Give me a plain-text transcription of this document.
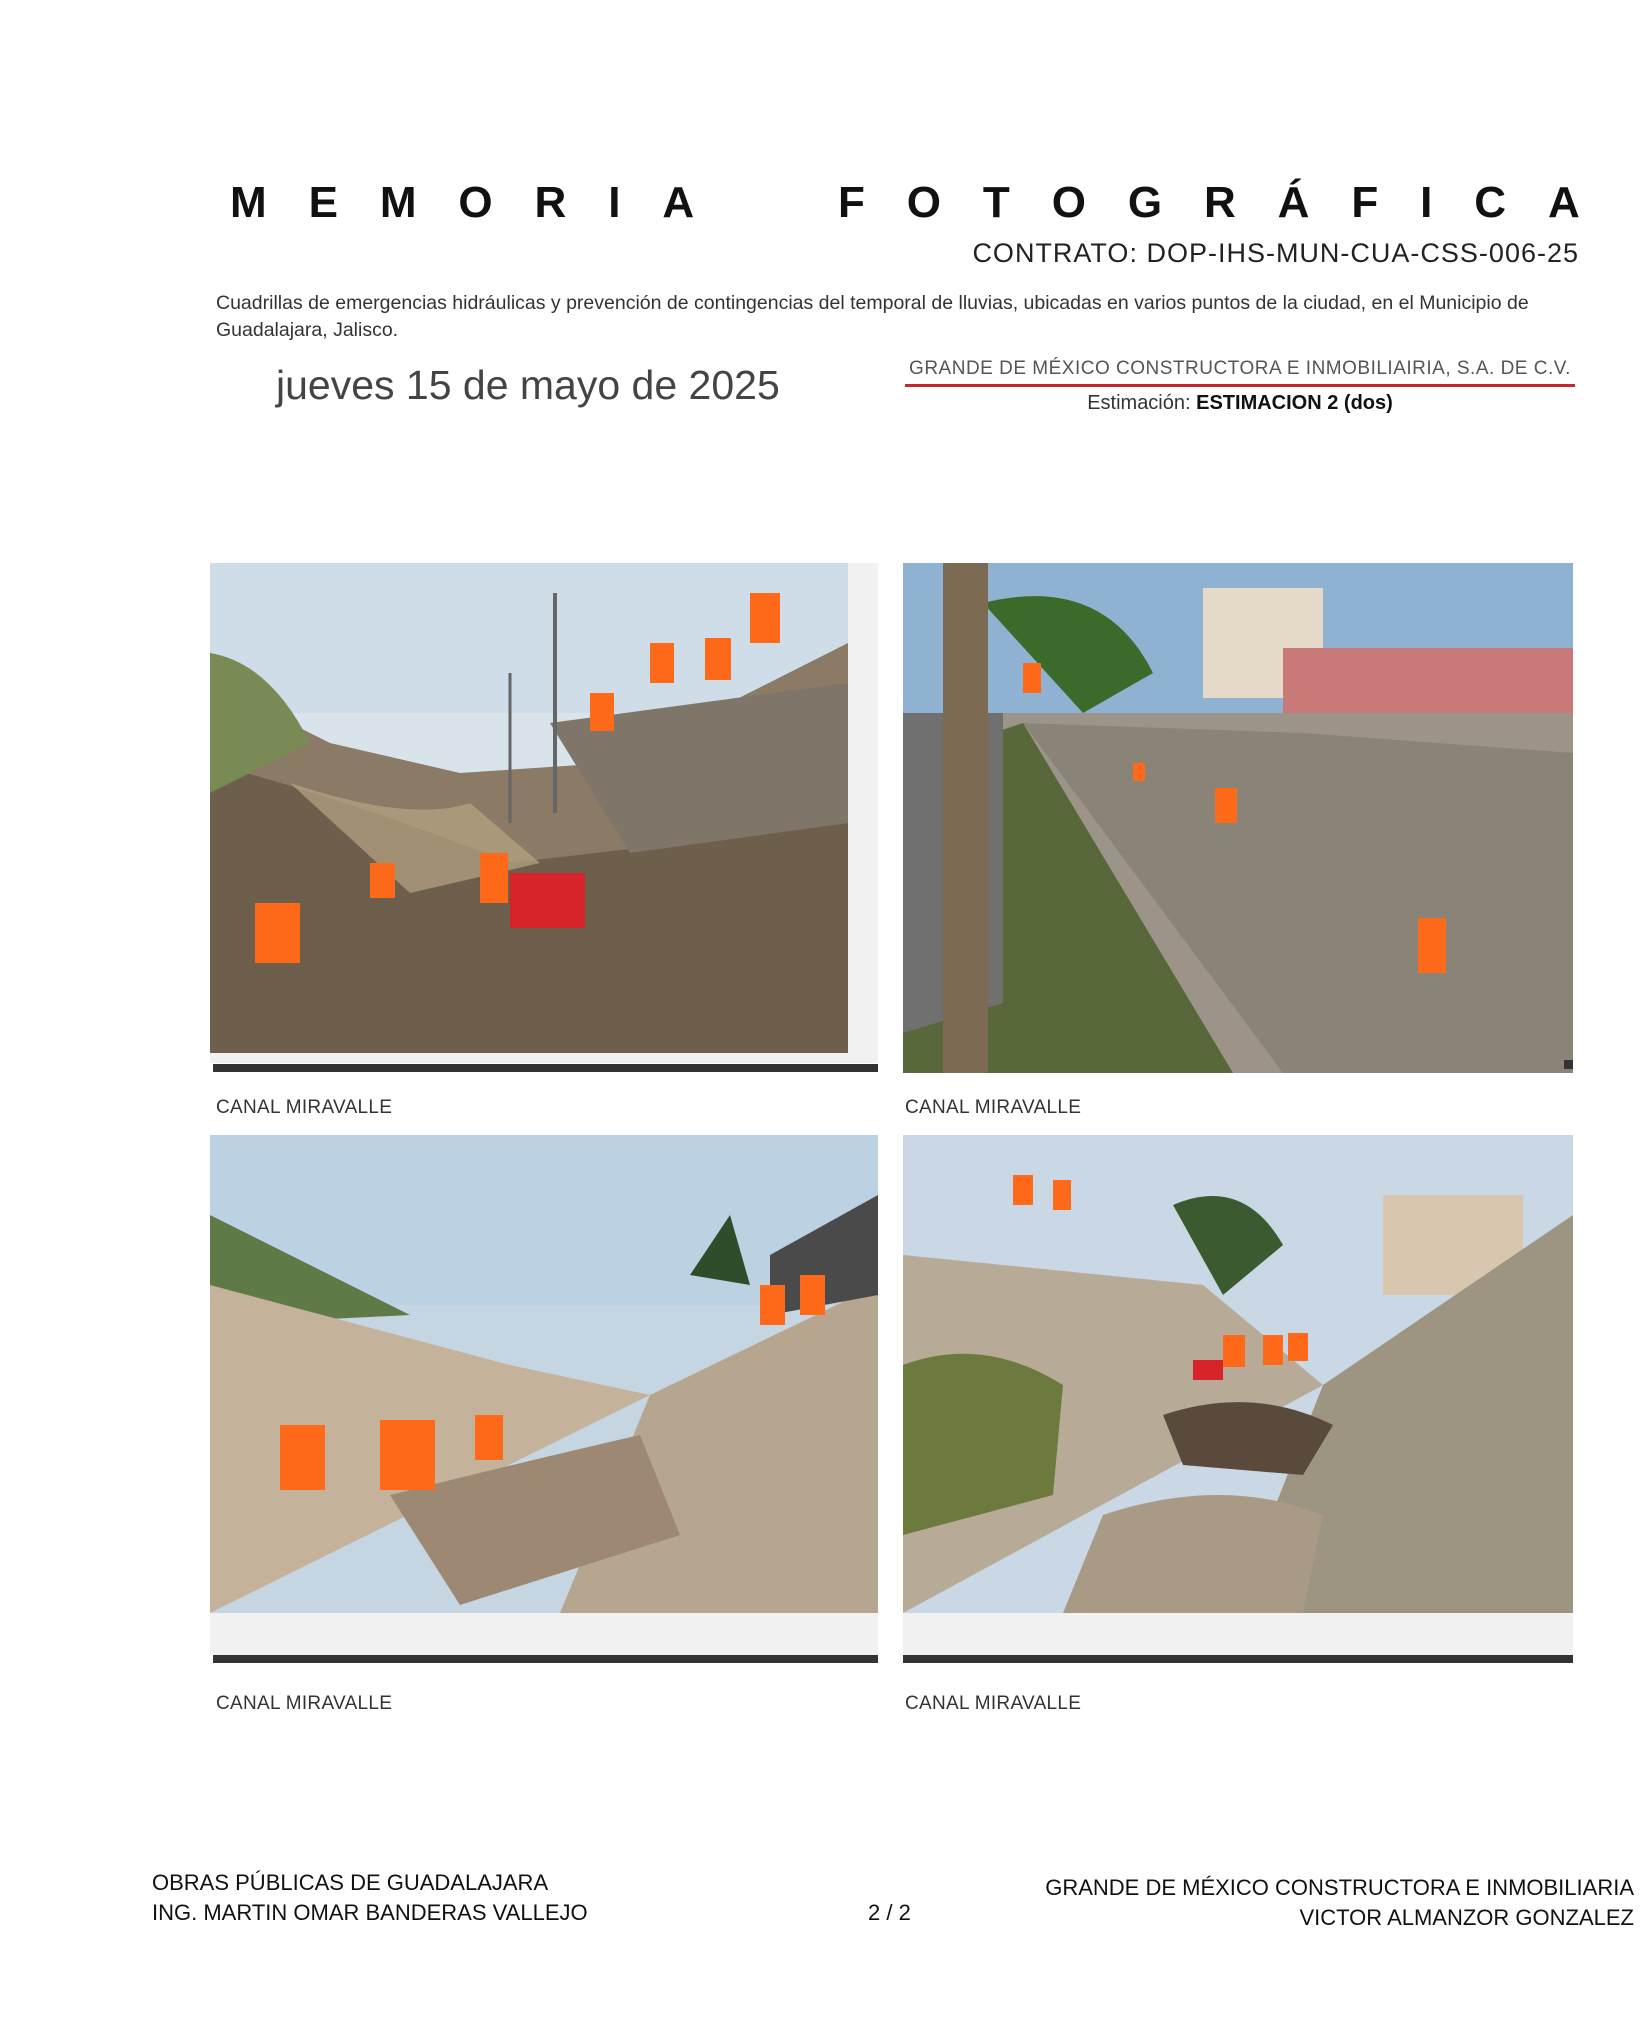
M E M O R I A	F O T O G R Á F I C A
CONTRATO: DOP-IHS-MUN-CUA-CSS-006-25
Cuadrillas de emergencias hidráulicas y prevención de contingencias del temporal de lluvias, ubicadas en varios puntos de la ciudad, en el Municipio de Guadalajara, Jalisco.
jueves 15 de mayo de 2025	GRANDE DE MÉXICO CONSTRUCTORA E INMOBILIAIRIA, S.A. DE C.V.
Estimación: ESTIMACION 2 (dos)
CANAL MIRAVALLE	CANAL MIRAVALLE
CANAL MIRAVALLE	CANAL MIRAVALLE
OBRAS PÚBLICAS DE GUADALAJARA
ING. MARTIN OMAR BANDERAS VALLEJO	2 / 2
GRANDE DE MÉXICO CONSTRUCTORA E INMOBILIARIA
VICTOR ALMANZOR GONZALEZ
